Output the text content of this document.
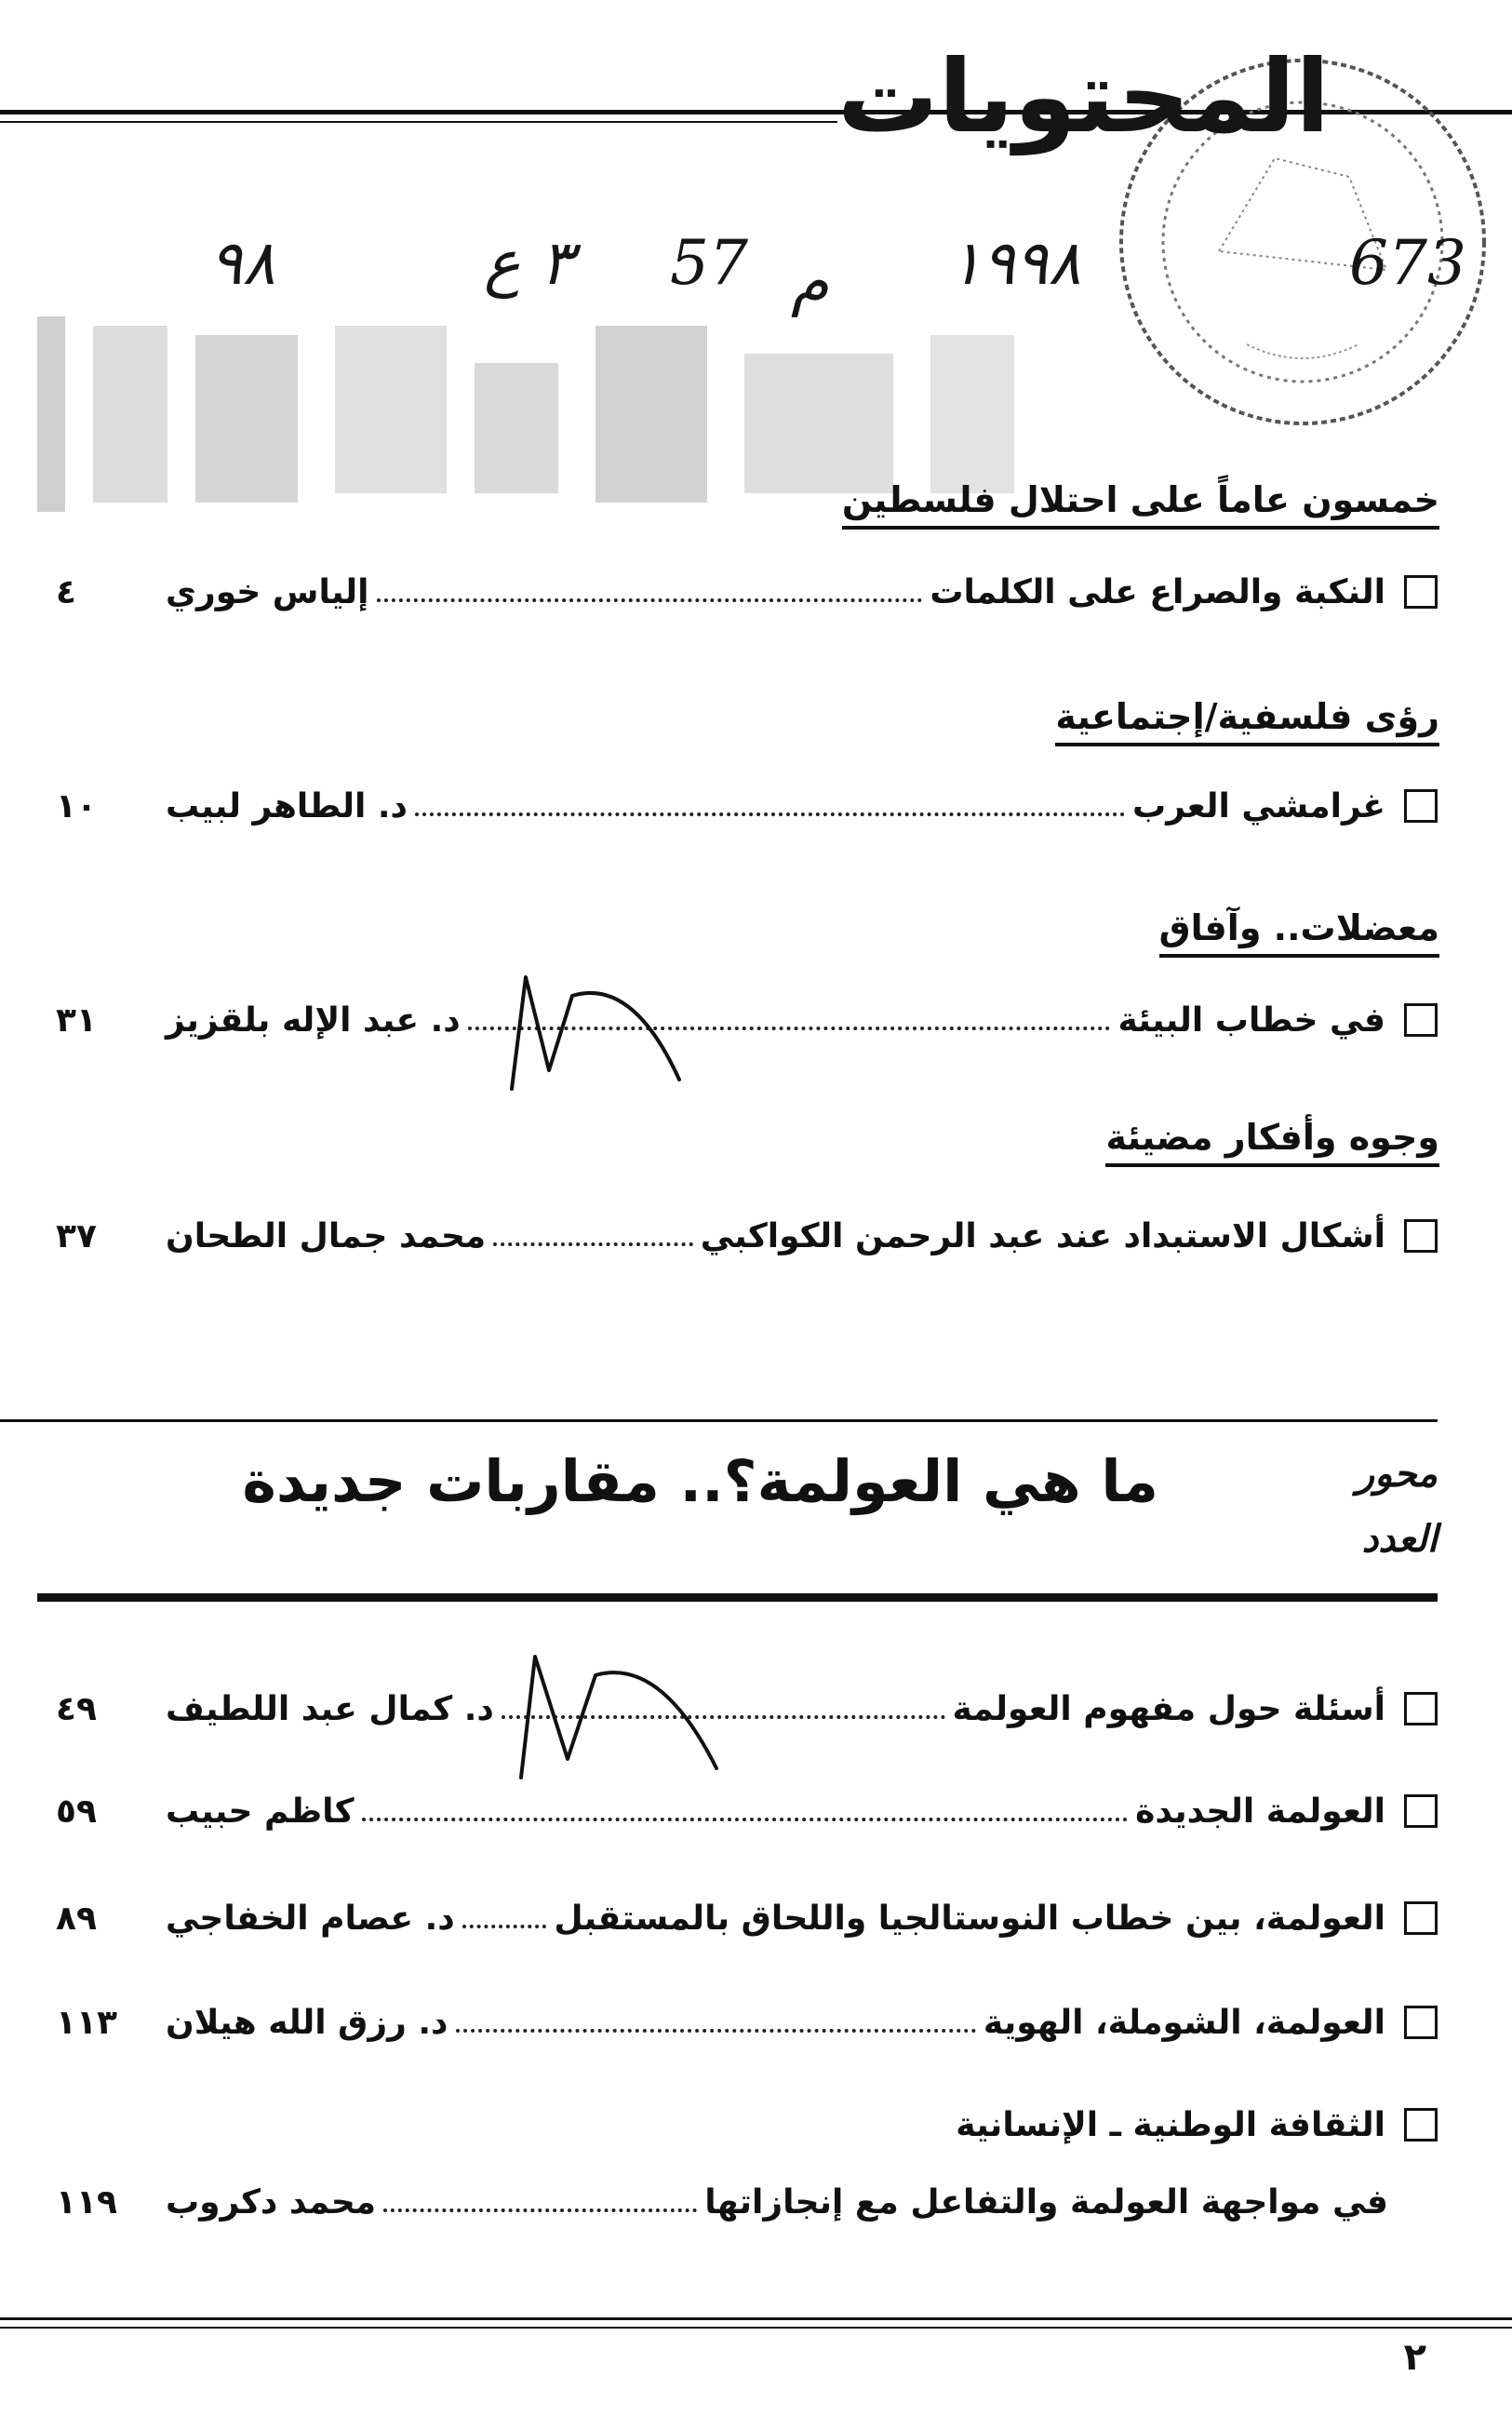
المحتويات
٩٨	٣ ع 57 م ١٩٩٨	673
خمسون عاماً على احتلال فلسطين
النكبة والصراع على الكلمات
إلياس خوري
٤
رؤى فلسفية/إجتماعية
غرامشي العرب
د. الطاهر لبيب
١٠
معضلات.. وآفاق
في خطاب البيئة
د. عبد الإله بلقزيز
٣١
وجوه وأفكار مضيئة
أشكال الاستبداد عند عبد الرحمن الكواكبي
محمد جمال الطحان
٣٧
محور
العدد
ما هي العولمة؟.. مقاربات جديدة
أسئلة حول مفهوم العولمة
د. كمال عبد اللطيف
٤٩
العولمة الجديدة
كاظم حبيب
٥٩
العولمة، بين خطاب النوستالجيا واللحاق بالمستقبل
د. عصام الخفاجي
٨٩
العولمة، الشوملة، الهوية
د. رزق الله هيلان
١١٣
الثقافة الوطنية ـ الإنسانية
في مواجهة العولمة والتفاعل مع إنجازاتها
محمد دكروب
١١٩
٢
